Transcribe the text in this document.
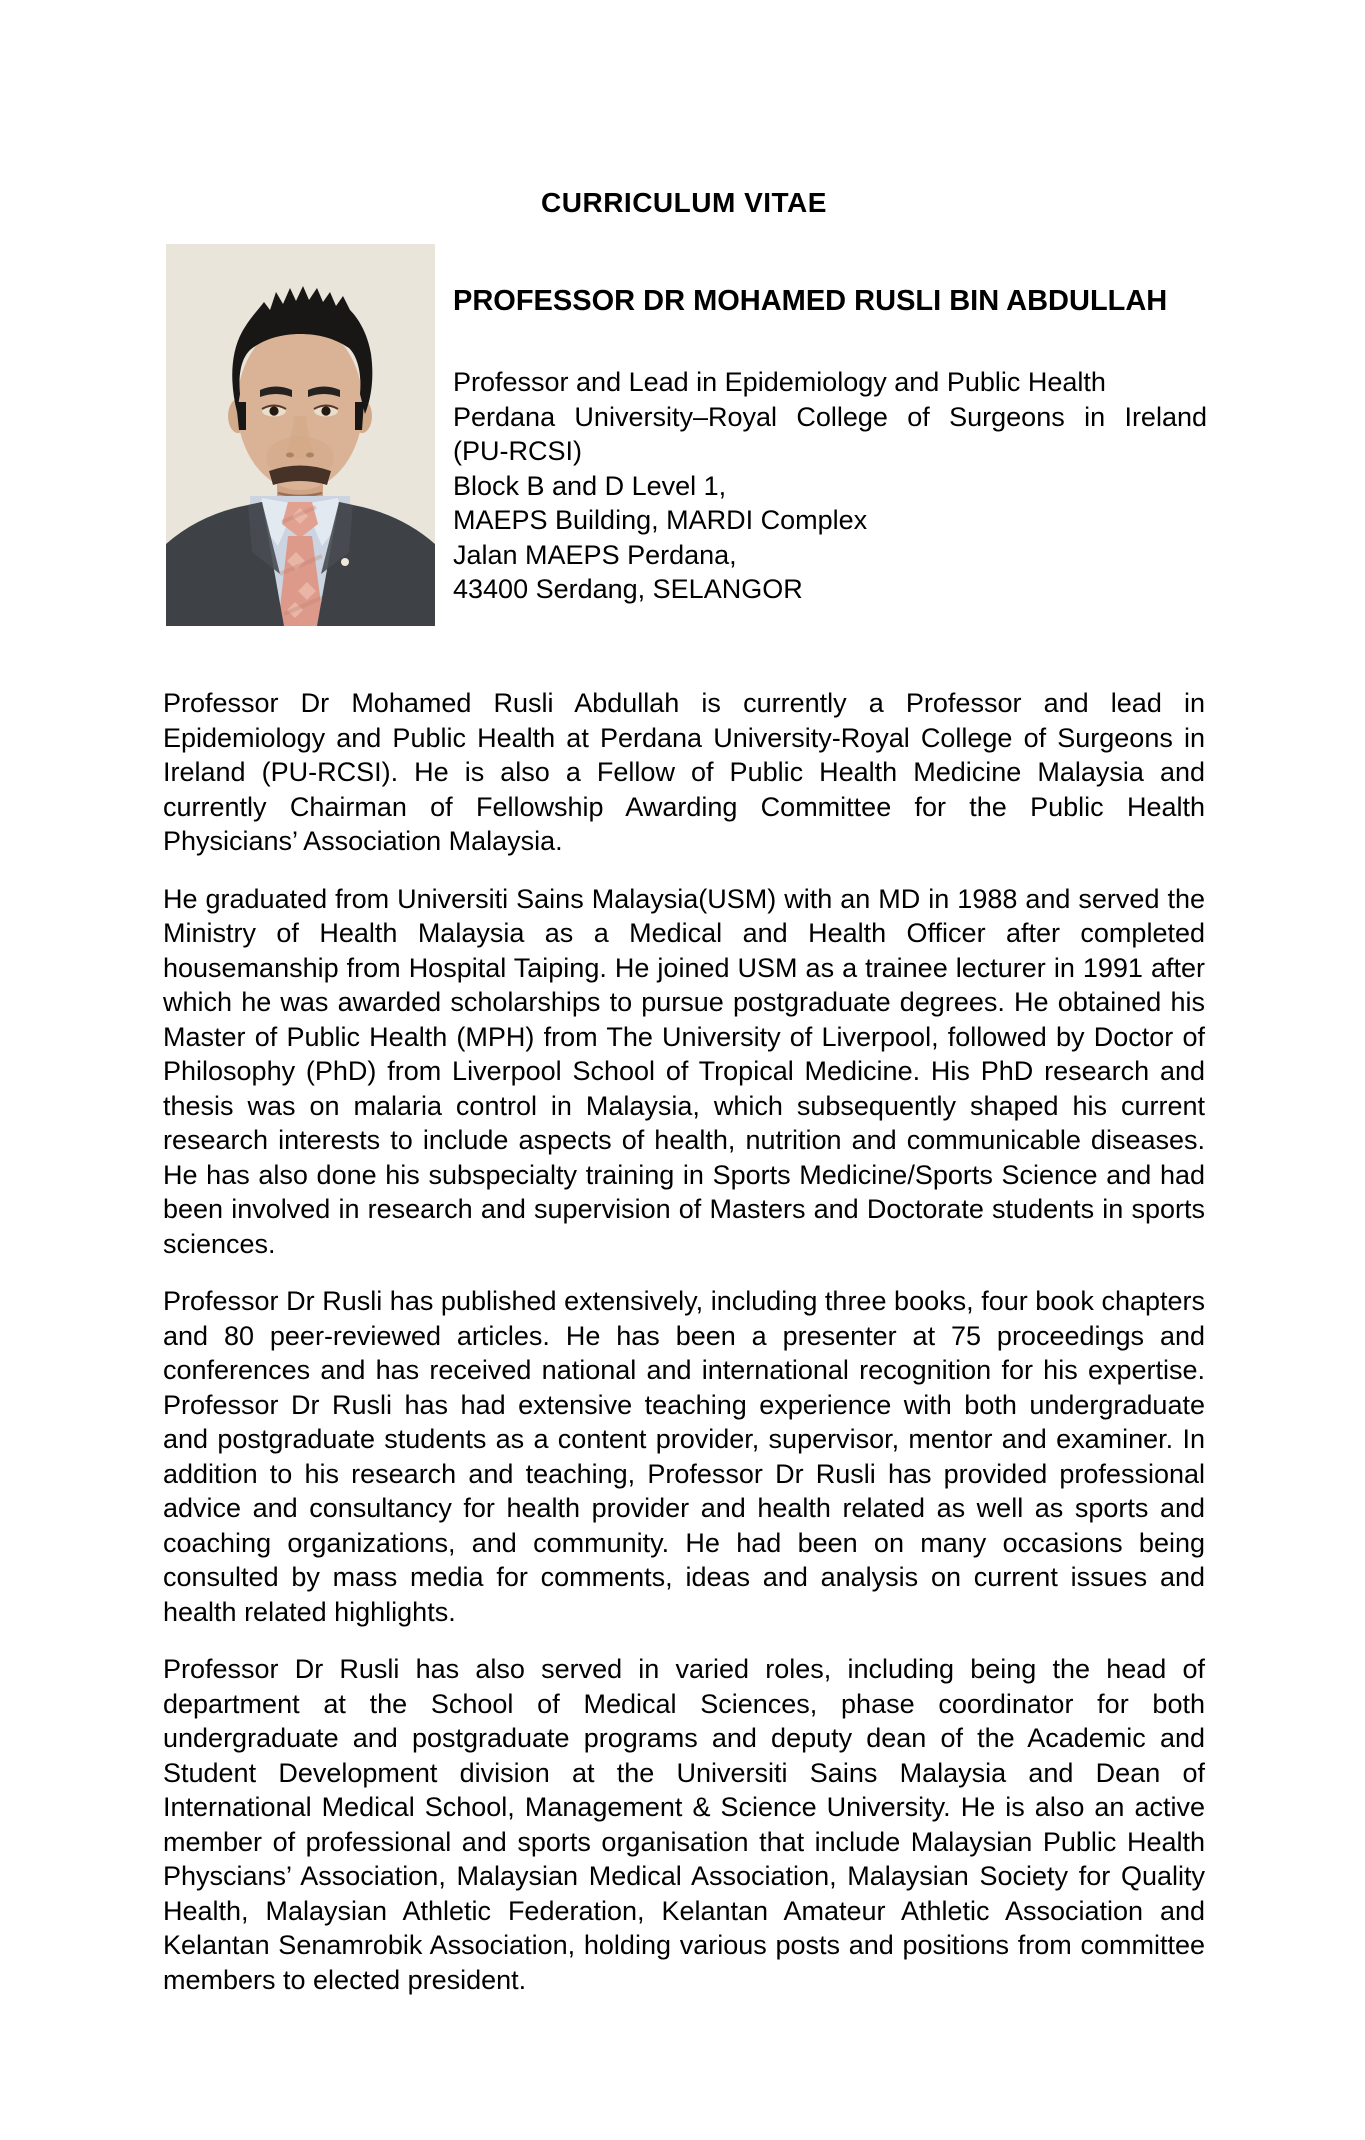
CURRICULUM VITAE
PROFESSOR DR MOHAMED RUSLI BIN ABDULLAH
Professor and Lead in Epidemiology and Public Health
Perdana University–Royal College of Surgeons in Ireland
(PU-RCSI)
Block B and D Level 1,
MAEPS Building, MARDI Complex
Jalan MAEPS Perdana,
43400 Serdang, SELANGOR

Professor Dr Mohamed Rusli Abdullah is currently a Professor and lead in Epidemiology and Public Health at Perdana University-Royal College of Surgeons in Ireland (PU-RCSI). He is also a Fellow of Public Health Medicine Malaysia and currently Chairman of Fellowship Awarding Committee for the Public Health Physicians’ Association Malaysia.

He graduated from Universiti Sains Malaysia(USM) with an MD in 1988 and served the Ministry of Health Malaysia as a Medical and Health Officer after completed housemanship from Hospital Taiping. He joined USM as a trainee lecturer in 1991 after which he was awarded scholarships to pursue postgraduate degrees. He obtained his Master of Public Health (MPH) from The University of Liverpool, followed by Doctor of Philosophy (PhD) from Liverpool School of Tropical Medicine. His PhD research and thesis was on malaria control in Malaysia, which subsequently shaped his current research interests to include aspects of health, nutrition and communicable diseases. He has also done his subspecialty training in Sports Medicine/Sports Science and had been involved in research and supervision of Masters and Doctorate students in sports sciences.

Professor Dr Rusli has published extensively, including three books, four book chapters and 80 peer-reviewed articles. He has been a presenter at 75 proceedings and conferences and has received national and international recognition for his expertise. Professor Dr Rusli has had extensive teaching experience with both undergraduate and postgraduate students as a content provider, supervisor, mentor and examiner. In addition to his research and teaching, Professor Dr Rusli has provided professional advice and consultancy for health provider and health related as well as sports and coaching organizations, and community. He had been on many occasions being consulted by mass media for comments, ideas and analysis on current issues and health related highlights.

Professor Dr Rusli has also served in varied roles, including being the head of department at the School of Medical Sciences, phase coordinator for both undergraduate and postgraduate programs and deputy dean of the Academic and Student Development division at the Universiti Sains Malaysia and Dean of International Medical School, Management & Science University. He is also an active member of professional and sports organisation that include Malaysian Public Health Physcians’ Association, Malaysian Medical Association, Malaysian Society for Quality Health, Malaysian Athletic Federation, Kelantan Amateur Athletic Association and Kelantan Senamrobik Association, holding various posts and positions from committee members to elected president.
